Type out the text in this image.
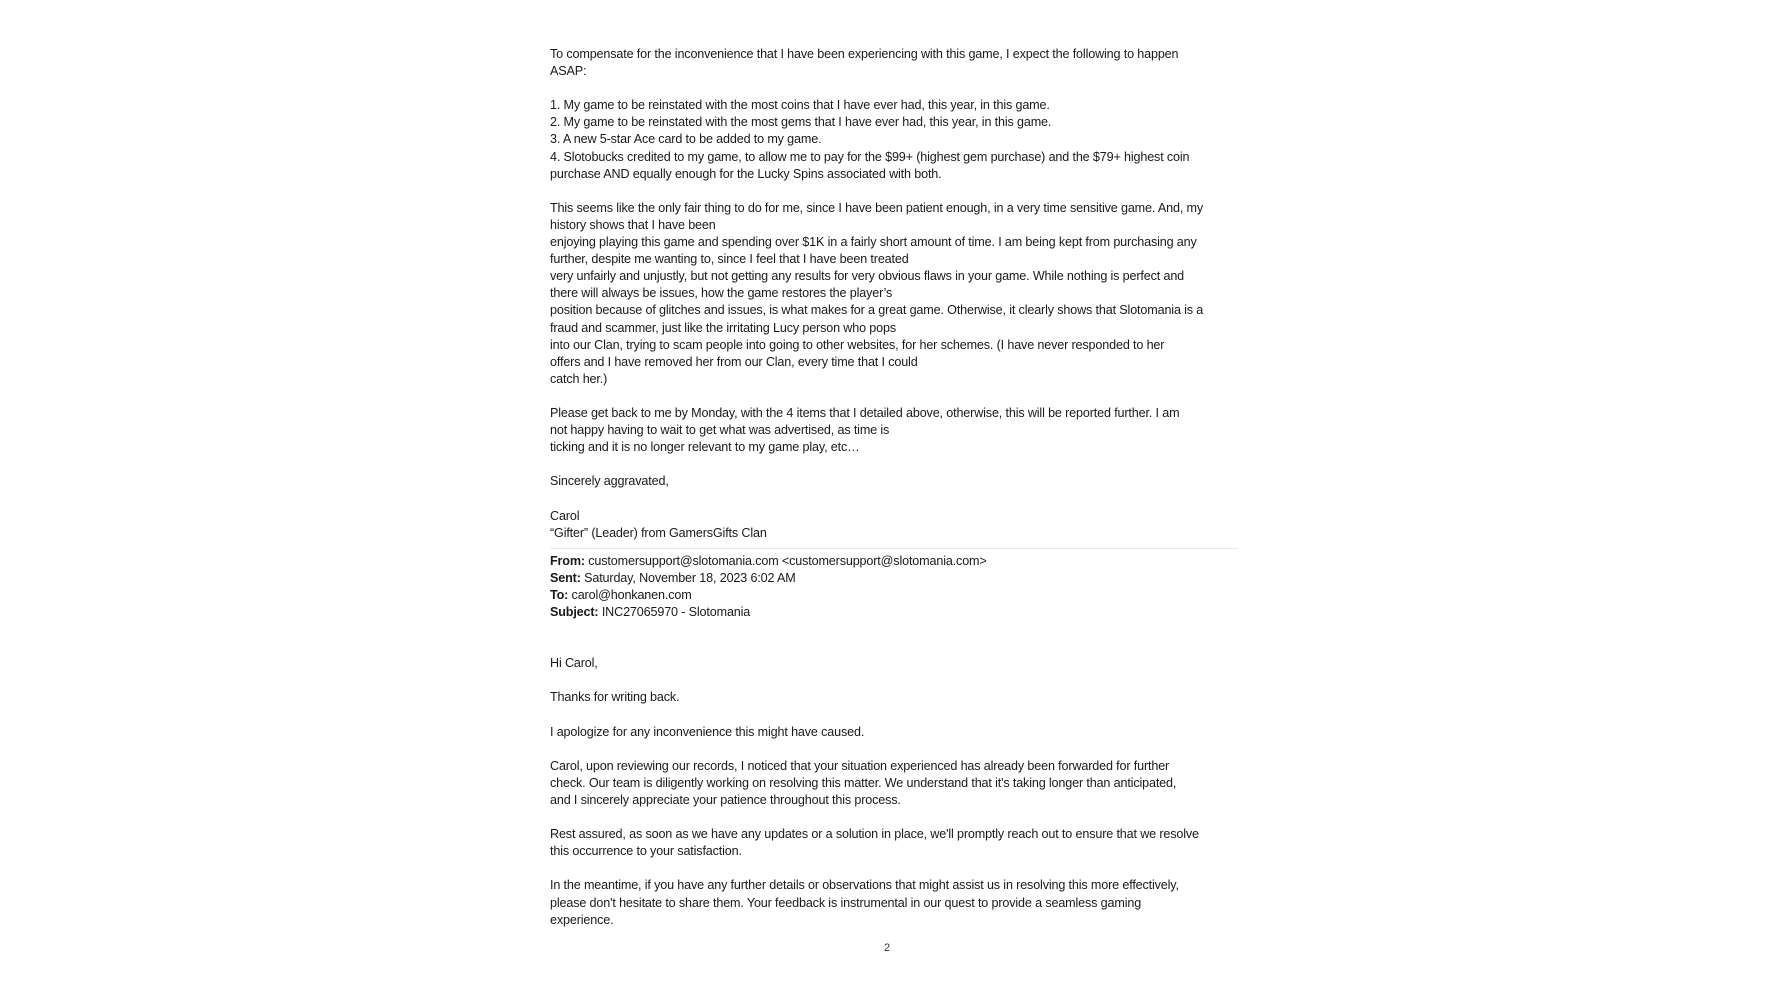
To compensate for the inconvenience that I have been experiencing with this game, I expect the following to happen
ASAP:

1. My game to be reinstated with the most coins that I have ever had, this year, in this game.
2. My game to be reinstated with the most gems that I have ever had, this year, in this game.
3. A new 5-star Ace card to be added to my game.
4. Slotobucks credited to my game, to allow me to pay for the $99+ (highest gem purchase) and the $79+ highest coin
purchase AND equally enough for the Lucky Spins associated with both.

This seems like the only fair thing to do for me, since I have been patient enough, in a very time sensitive game. And, my
history shows that I have been
enjoying playing this game and spending over $1K in a fairly short amount of time. I am being kept from purchasing any
further, despite me wanting to, since I feel that I have been treated
very unfairly and unjustly, but not getting any results for very obvious flaws in your game. While nothing is perfect and
there will always be issues, how the game restores the player’s
position because of glitches and issues, is what makes for a great game. Otherwise, it clearly shows that Slotomania is a
fraud and scammer, just like the irritating Lucy person who pops
into our Clan, trying to scam people into going to other websites, for her schemes. (I have never responded to her
offers and I have removed her from our Clan, every time that I could
catch her.)

Please get back to me by Monday, with the 4 items that I detailed above, otherwise, this will be reported further. I am
not happy having to wait to get what was advertised, as time is
ticking and it is no longer relevant to my game play, etc…

Sincerely aggravated,

Carol
“Gifter” (Leader) from GamersGifts Clan

From: customersupport@slotomania.com <customersupport@slotomania.com>
Sent: Saturday, November 18, 2023 6:02 AM
To: carol@honkanen.com
Subject: INC27065970 - Slotomania

Hi Carol,

Thanks for writing back.

I apologize for any inconvenience this might have caused.

Carol, upon reviewing our records, I noticed that your situation experienced has already been forwarded for further
check. Our team is diligently working on resolving this matter. We understand that it's taking longer than anticipated,
and I sincerely appreciate your patience throughout this process.

Rest assured, as soon as we have any updates or a solution in place, we'll promptly reach out to ensure that we resolve
this occurrence to your satisfaction.

In the meantime, if you have any further details or observations that might assist us in resolving this more effectively,
please don't hesitate to share them. Your feedback is instrumental in our quest to provide a seamless gaming
experience.

2
